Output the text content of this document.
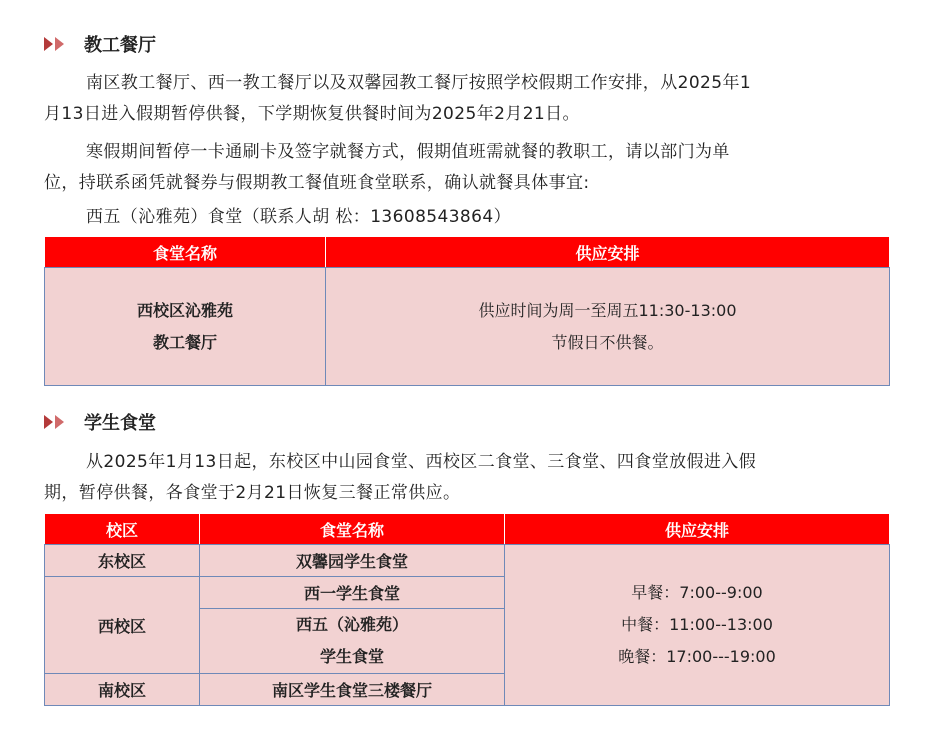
教工餐厅
南区教工餐厅、西一教工餐厅以及双馨园教工餐厅按照学校假期工作安排，从2025年1
月13日进入假期暂停供餐，下学期恢复供餐时间为2025年2月21日。
寒假期间暂停一卡通刷卡及签字就餐方式，假期值班需就餐的教职工，请以部门为单
位，持联系函凭就餐券与假期教工餐值班食堂联系，确认就餐具体事宜:
西五（沁雅苑）食堂（联系人胡 松：13608543864）
食堂名称	供应安排

西校区沁雅苑
教工餐厅	供应时间为周一至周五11:30-13:00
节假日不供餐。
学生食堂
从2025年1月13日起，东校区中山园食堂、西校区二食堂、三食堂、四食堂放假进入假
期，暂停供餐，各食堂于2月21日恢复三餐正常供应。
校区	食堂名称	供应安排
东校区	双馨园学生食堂	早餐：7:00--9:00
中餐：11:00--13:00
晚餐：17:00---19:00

西校区	西一学生食堂	

	西五（沁雅苑）
学生食堂	

南校区	南区学生食堂三楼餐厅	
